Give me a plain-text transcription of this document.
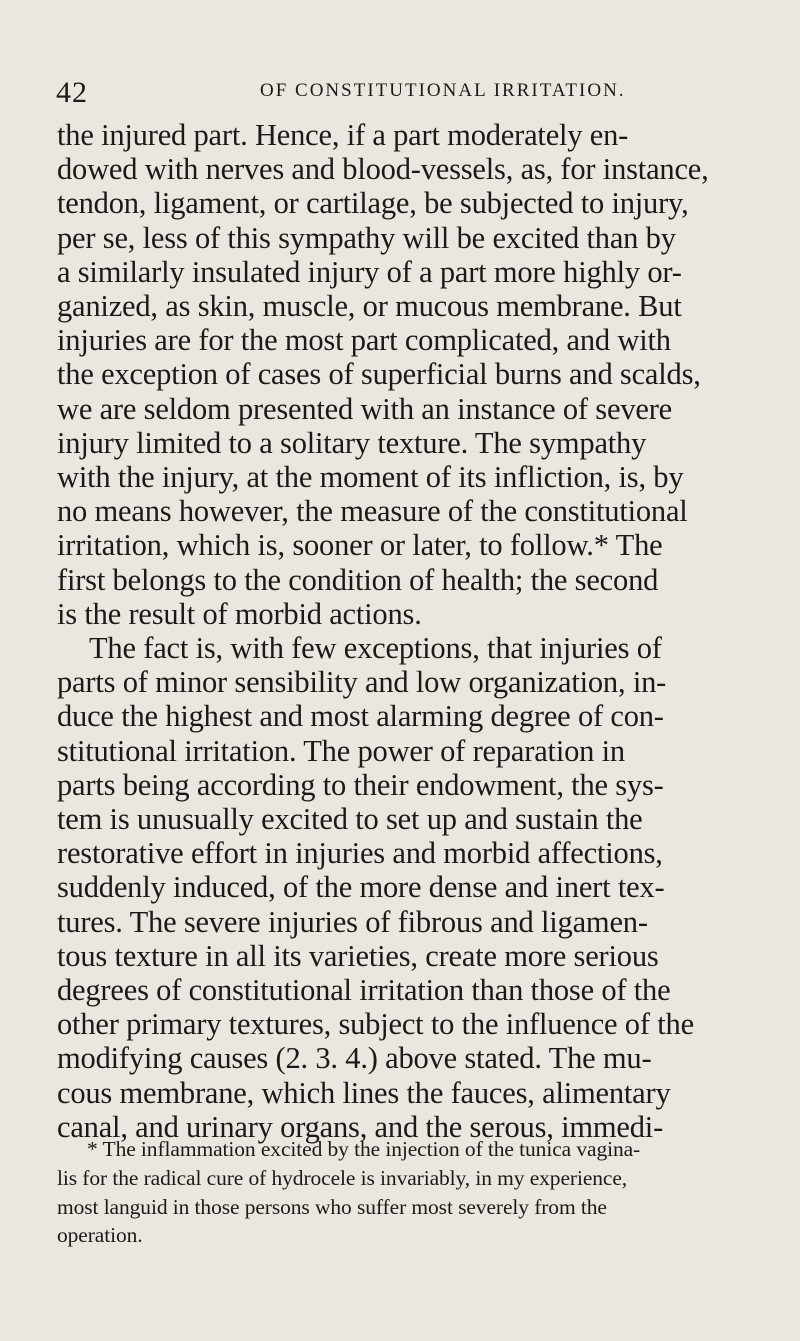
42	OF CONSTITUTIONAL IRRITATION.
the injured part. Hence, if a part moderately en-
dowed with nerves and blood-vessels, as, for instance,
tendon, ligament, or cartilage, be subjected to injury,
per se, less of this sympathy will be excited than by
a similarly insulated injury of a part more highly or-
ganized, as skin, muscle, or mucous membrane. But
injuries are for the most part complicated, and with
the exception of cases of superficial burns and scalds,
we are seldom presented with an instance of severe
injury limited to a solitary texture. The sympathy
with the injury, at the moment of its infliction, is, by
no means however, the measure of the constitutional
irritation, which is, sooner or later, to follow.* The
first belongs to the condition of health; the second
is the result of morbid actions.
The fact is, with few exceptions, that injuries of
parts of minor sensibility and low organization, in-
duce the highest and most alarming degree of con-
stitutional irritation. The power of reparation in
parts being according to their endowment, the sys-
tem is unusually excited to set up and sustain the
restorative effort in injuries and morbid affections,
suddenly induced, of the more dense and inert tex-
tures. The severe injuries of fibrous and ligamen-
tous texture in all its varieties, create more serious
degrees of constitutional irritation than those of the
other primary textures, subject to the influence of the
modifying causes (2. 3. 4.) above stated. The mu-
cous membrane, which lines the fauces, alimentary
canal, and urinary organs, and the serous, immedi-
* The inflammation excited by the injection of the tunica vagina-
lis for the radical cure of hydrocele is invariably, in my experience,
most languid in those persons who suffer most severely from the
operation.
